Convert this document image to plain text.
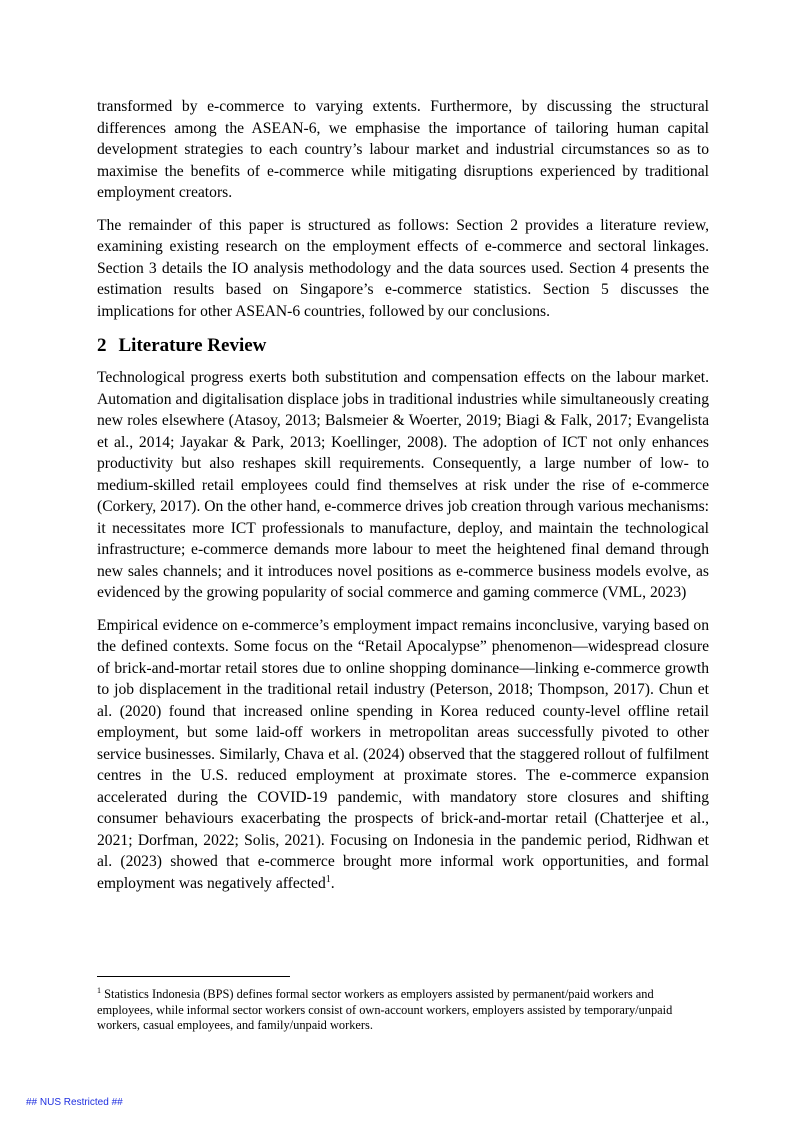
transformed by e-commerce to varying extents. Furthermore, by discussing the structural differences among the ASEAN-6, we emphasise the importance of tailoring human capital development strategies to each country’s labour market and industrial circumstances so as to maximise the benefits of e-commerce while mitigating disruptions experienced by traditional employment creators.

The remainder of this paper is structured as follows: Section 2 provides a literature review, examining existing research on the employment effects of e-commerce and sectoral linkages. Section 3 details the IO analysis methodology and the data sources used. Section 4 presents the estimation results based on Singapore’s e-commerce statistics. Section 5 discusses the implications for other ASEAN-6 countries, followed by our conclusions.

2 Literature Review

Technological progress exerts both substitution and compensation effects on the labour market. Automation and digitalisation displace jobs in traditional industries while simultaneously creating new roles elsewhere (Atasoy, 2013; Balsmeier & Woerter, 2019; Biagi & Falk, 2017; Evangelista et al., 2014; Jayakar & Park, 2013; Koellinger, 2008). The adoption of ICT not only enhances productivity but also reshapes skill requirements. Consequently, a large number of low- to medium-skilled retail employees could find themselves at risk under the rise of e-commerce (Corkery, 2017). On the other hand, e-commerce drives job creation through various mechanisms: it necessitates more ICT professionals to manufacture, deploy, and maintain the technological infrastructure; e-commerce demands more labour to meet the heightened final demand through new sales channels; and it introduces novel positions as e-commerce business models evolve, as evidenced by the growing popularity of social commerce and gaming commerce (VML, 2023)

Empirical evidence on e-commerce’s employment impact remains inconclusive, varying based on the defined contexts. Some focus on the “Retail Apocalypse” phenomenon—widespread closure of brick-and-mortar retail stores due to online shopping dominance—linking e-commerce growth to job displacement in the traditional retail industry (Peterson, 2018; Thompson, 2017). Chun et al. (2020) found that increased online spending in Korea reduced county-level offline retail employment, but some laid-off workers in metropolitan areas successfully pivoted to other service businesses. Similarly, Chava et al. (2024) observed that the staggered rollout of fulfilment centres in the U.S. reduced employment at proximate stores. The e-commerce expansion accelerated during the COVID-19 pandemic, with mandatory store closures and shifting consumer behaviours exacerbating the prospects of brick-and-mortar retail (Chatterjee et al., 2021; Dorfman, 2022; Solis, 2021). Focusing on Indonesia in the pandemic period, Ridhwan et al. (2023) showed that e-commerce brought more informal work opportunities, and formal employment was negatively affected$^1$.

$^1$ Statistics Indonesia (BPS) defines formal sector workers as employers assisted by permanent/paid workers and employees, while informal sector workers consist of own-account workers, employers assisted by temporary/unpaid workers, casual employees, and family/unpaid workers.

## NUS Restricted ##
